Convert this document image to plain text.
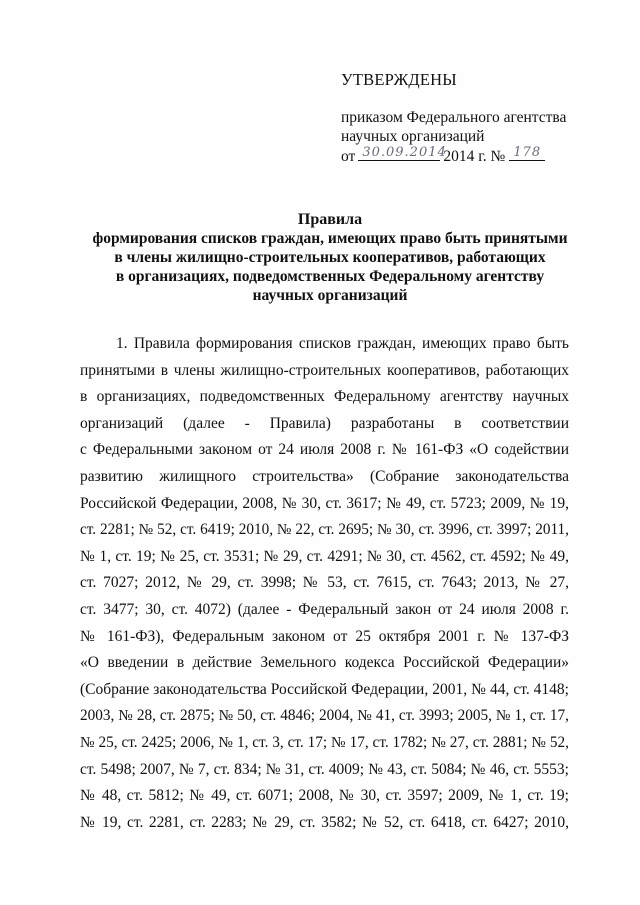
УТВЕРЖДЕНЫ
приказом Федерального агентства
научных организаций
от 30.09.2014
2014 г. № 178
Правила
формирования списков граждан, имеющих право быть принятыми
в члены жилищно-строительных кооперативов, работающих
в организациях, подведомственных Федеральному агентству
научных организаций
1. Правила формирования списков граждан, имеющих право быть
принятыми в члены жилищно-строительных кооперативов, работающих
в организациях, подведомственных Федеральному агентству научных
организаций (далее - Правила) разработаны в соответствии
с Федеральными законом от 24 июля 2008 г. № 161-ФЗ «О содействии
развитию жилищного строительства» (Собрание законодательства
Российской Федерации, 2008, № 30, ст. 3617; № 49, ст. 5723; 2009, № 19,
ст. 2281; № 52, ст. 6419; 2010, № 22, ст. 2695; № 30, ст. 3996, ст. 3997; 2011,
№ 1, ст. 19; № 25, ст. 3531; № 29, ст. 4291; № 30, ст. 4562, ст. 4592; № 49,
ст. 7027; 2012, № 29, ст. 3998; № 53, ст. 7615, ст. 7643; 2013, № 27,
ст. 3477; 30, ст. 4072) (далее - Федеральный закон от 24 июля 2008 г.
№ 161-ФЗ), Федеральным законом от 25 октября 2001 г. № 137-ФЗ
«О введении в действие Земельного кодекса Российской Федерации»
(Собрание законодательства Российской Федерации, 2001, № 44, ст. 4148;
2003, № 28, ст. 2875; № 50, ст. 4846; 2004, № 41, ст. 3993; 2005, № 1, ст. 17,
№ 25, ст. 2425; 2006, № 1, ст. 3, ст. 17; № 17, ст. 1782; № 27, ст. 2881; № 52,
ст. 5498; 2007, № 7, ст. 834; № 31, ст. 4009; № 43, ст. 5084; № 46, ст. 5553;
№ 48, ст. 5812; № 49, ст. 6071; 2008, № 30, ст. 3597; 2009, № 1, ст. 19;
№ 19, ст. 2281, ст. 2283; № 29, ст. 3582; № 52, ст. 6418, ст. 6427; 2010,
